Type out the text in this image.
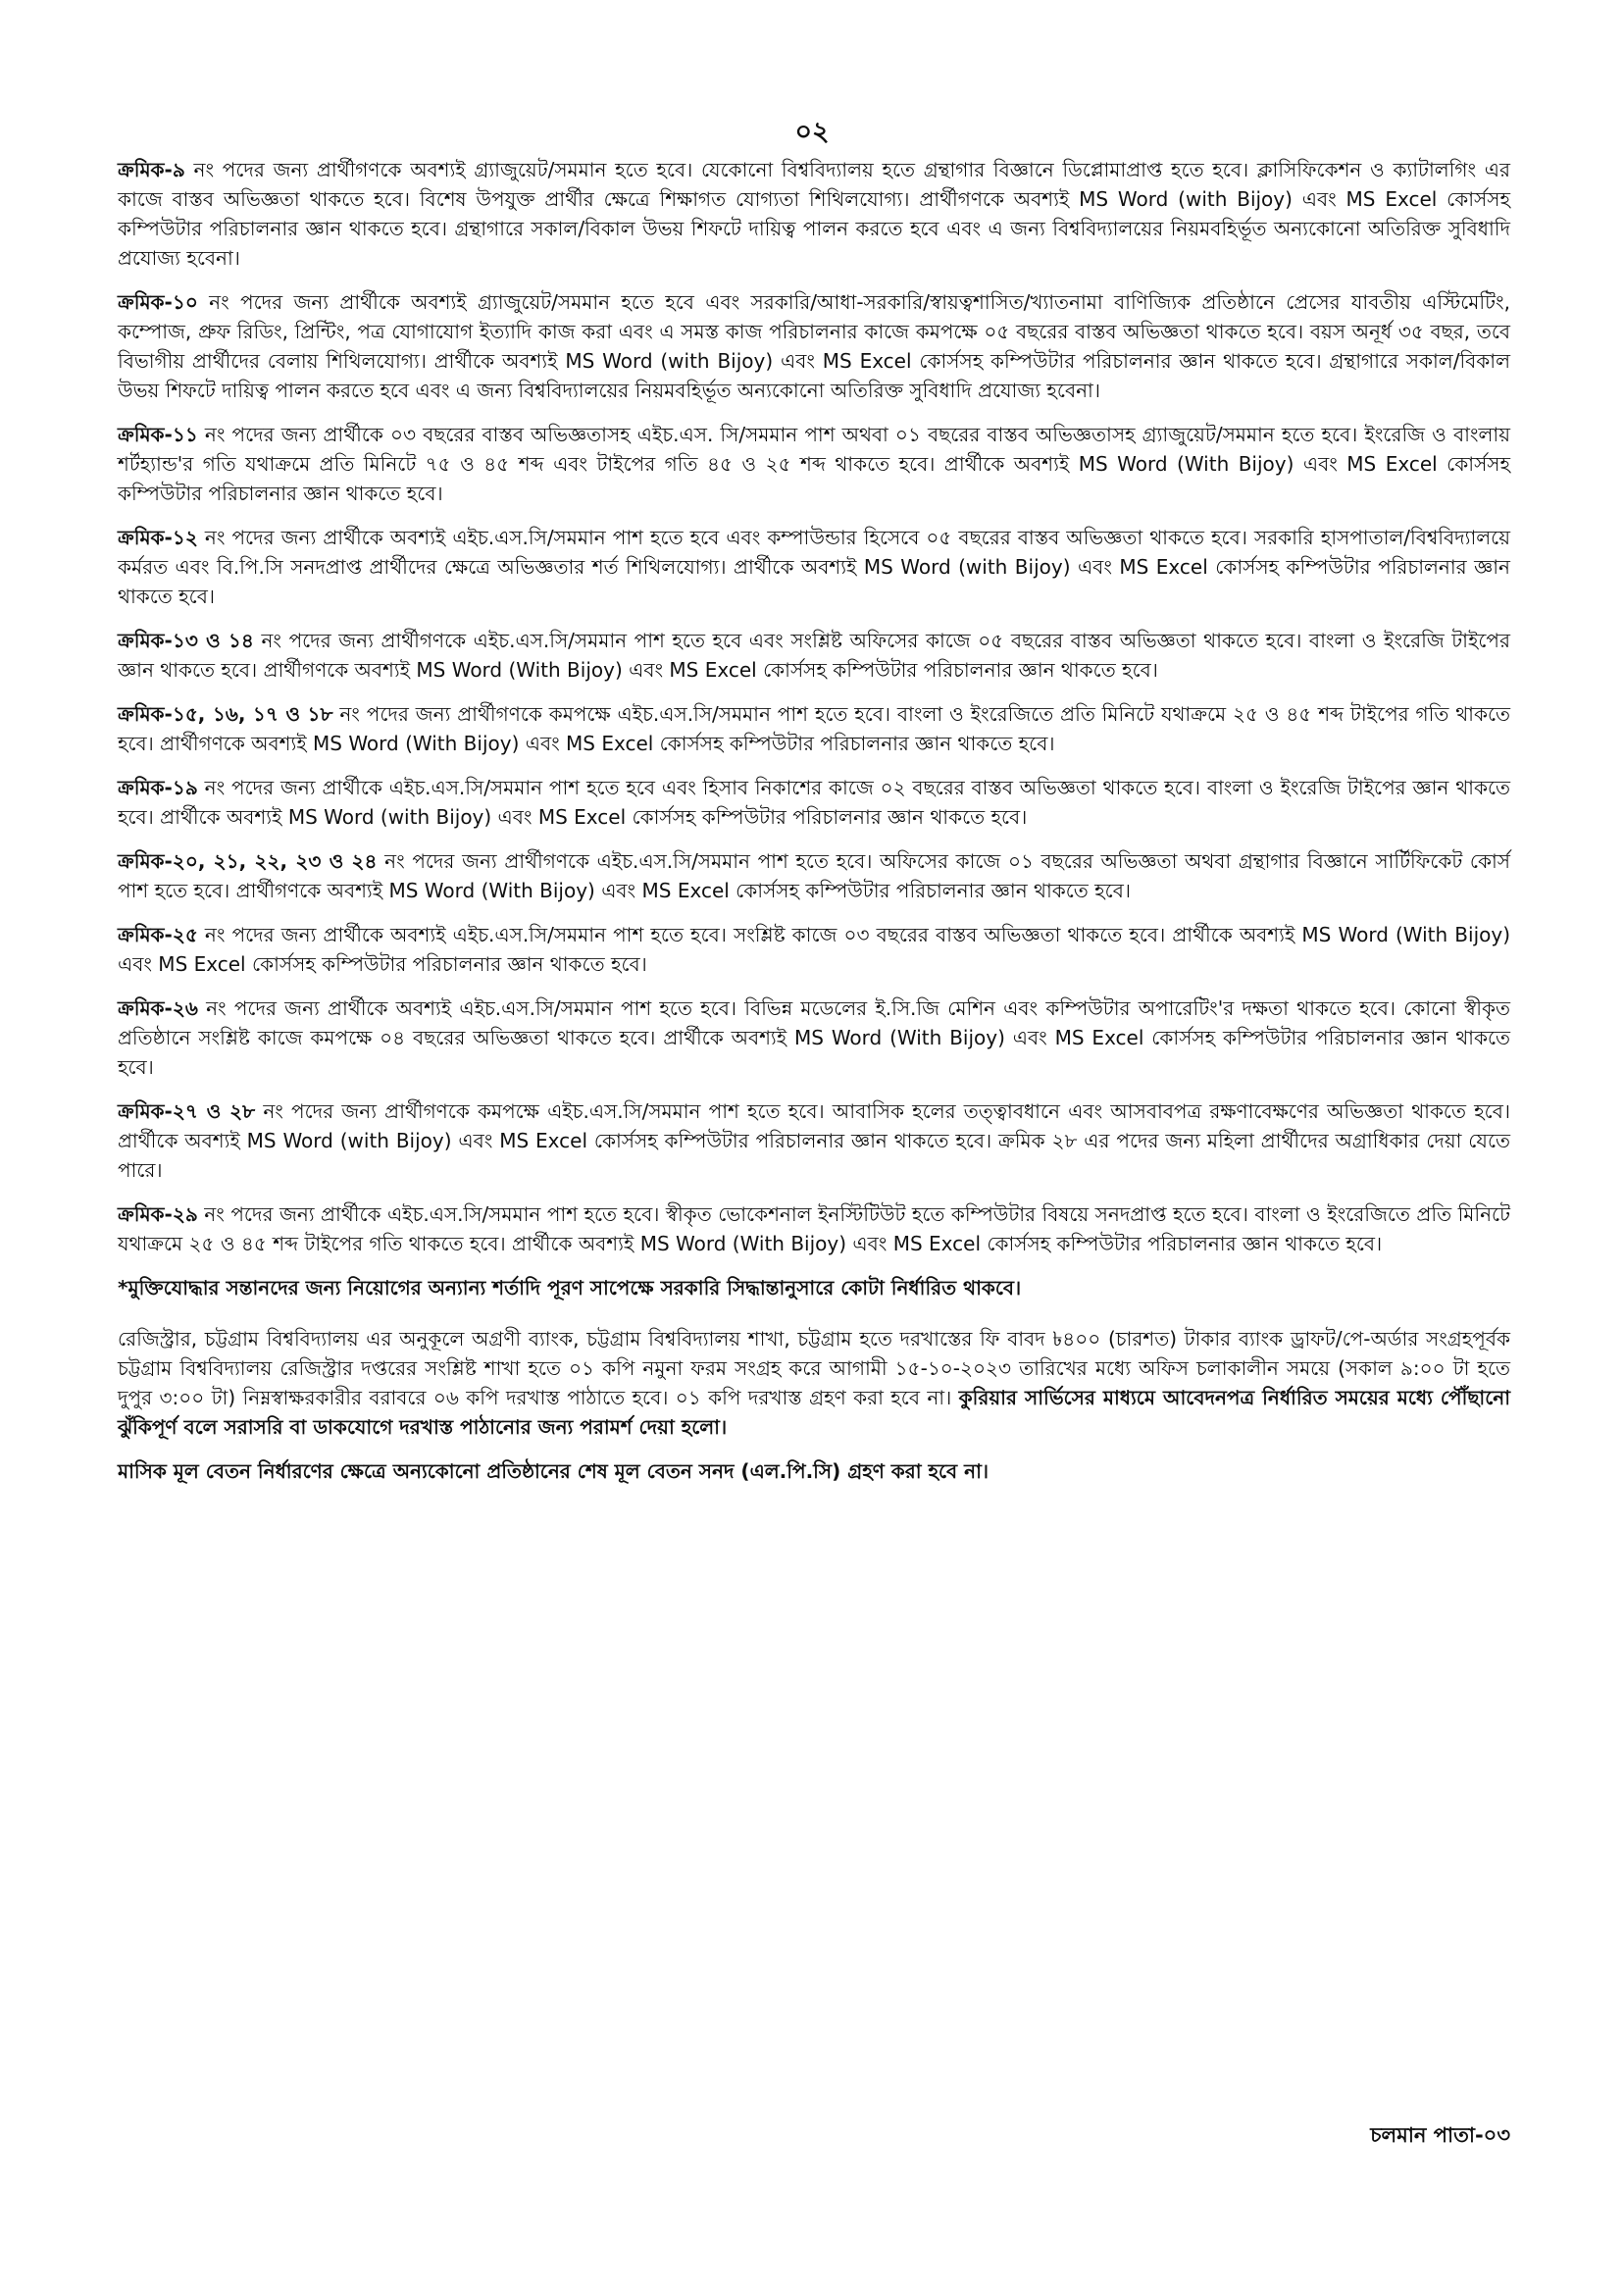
০২

ক্রমিক-৯ নং পদের জন্য প্রার্থীগণকে অবশ্যই গ্র্যাজুয়েট/সমমান হতে হবে। যেকোনো বিশ্ববিদ্যালয় হতে গ্রন্থাগার বিজ্ঞানে ডিপ্লোমাপ্রাপ্ত হতে হবে। ক্লাসিফিকেশন ও ক্যাটালগিং এর কাজে বাস্তব অভিজ্ঞতা থাকতে হবে। বিশেষ উপযুক্ত প্রার্থীর ক্ষেত্রে শিক্ষাগত যোগ্যতা শিথিলযোগ্য। প্রার্থীগণকে অবশ্যই MS Word (with Bijoy) এবং MS Excel কোর্সসহ কম্পিউটার পরিচালনার জ্ঞান থাকতে হবে। গ্রন্থাগারে সকাল/বিকাল উভয় শিফটে দায়িত্ব পালন করতে হবে এবং এ জন্য বিশ্ববিদ্যালয়ের নিয়মবহির্ভূত অন্যকোনো অতিরিক্ত সুবিধাদি প্রযোজ্য হবেনা।

ক্রমিক-১০ নং পদের জন্য প্রার্থীকে অবশ্যই গ্র্যাজুয়েট/সমমান হতে হবে এবং সরকারি/আধা-সরকারি/স্বায়ত্বশাসিত/খ্যাতনামা বাণিজ্যিক প্রতিষ্ঠানে প্রেসের যাবতীয় এস্টিমেটিং, কম্পোজ, প্রুফ রিডিং, প্রিন্টিং, পত্র যোগাযোগ ইত্যাদি কাজ করা এবং এ সমস্ত কাজ পরিচালনার কাজে কমপক্ষে ০৫ বছরের বাস্তব অভিজ্ঞতা থাকতে হবে। বয়স অনূর্ধ ৩৫ বছর, তবে বিভাগীয় প্রার্থীদের বেলায় শিথিলযোগ্য। প্রার্থীকে অবশ্যই MS Word (with Bijoy) এবং MS Excel কোর্সসহ কম্পিউটার পরিচালনার জ্ঞান থাকতে হবে। গ্রন্থাগারে সকাল/বিকাল উভয় শিফটে দায়িত্ব পালন করতে হবে এবং এ জন্য বিশ্ববিদ্যালয়ের নিয়মবহির্ভূত অন্যকোনো অতিরিক্ত সুবিধাদি প্রযোজ্য হবেনা।

ক্রমিক-১১ নং পদের জন্য প্রার্থীকে ০৩ বছরের বাস্তব অভিজ্ঞতাসহ এইচ.এস. সি/সমমান পাশ অথবা ০১ বছরের বাস্তব অভিজ্ঞতাসহ গ্র্যাজুয়েট/সমমান হতে হবে। ইংরেজি ও বাংলায় শর্টহ্যান্ড'র গতি যথাক্রমে প্রতি মিনিটে ৭৫ ও ৪৫ শব্দ এবং টাইপের গতি ৪৫ ও ২৫ শব্দ থাকতে হবে। প্রার্থীকে অবশ্যই MS Word (With Bijoy) এবং MS Excel কোর্সসহ কম্পিউটার পরিচালনার জ্ঞান থাকতে হবে।

ক্রমিক-১২ নং পদের জন্য প্রার্থীকে অবশ্যই এইচ.এস.সি/সমমান পাশ হতে হবে এবং কম্পাউন্ডার হিসেবে ০৫ বছরের বাস্তব অভিজ্ঞতা থাকতে হবে। সরকারি হাসপাতাল/বিশ্ববিদ্যালয়ে কর্মরত এবং বি.পি.সি সনদপ্রাপ্ত প্রার্থীদের ক্ষেত্রে অভিজ্ঞতার শর্ত শিথিলযোগ্য। প্রার্থীকে অবশ্যই MS Word (with Bijoy) এবং MS Excel কোর্সসহ কম্পিউটার পরিচালনার জ্ঞান থাকতে হবে।

ক্রমিক-১৩ ও ১৪ নং পদের জন্য প্রার্থীগণকে এইচ.এস.সি/সমমান পাশ হতে হবে এবং সংশ্লিষ্ট অফিসের কাজে ০৫ বছরের বাস্তব অভিজ্ঞতা থাকতে হবে। বাংলা ও ইংরেজি টাইপের জ্ঞান থাকতে হবে। প্রার্থীগণকে অবশ্যই MS Word (With Bijoy) এবং MS Excel কোর্সসহ কম্পিউটার পরিচালনার জ্ঞান থাকতে হবে।

ক্রমিক-১৫, ১৬, ১৭ ও ১৮ নং পদের জন্য প্রার্থীগণকে কমপক্ষে এইচ.এস.সি/সমমান পাশ হতে হবে। বাংলা ও ইংরেজিতে প্রতি মিনিটে যথাক্রমে ২৫ ও ৪৫ শব্দ টাইপের গতি থাকতে হবে। প্রার্থীগণকে অবশ্যই MS Word (With Bijoy) এবং MS Excel কোর্সসহ কম্পিউটার পরিচালনার জ্ঞান থাকতে হবে।

ক্রমিক-১৯ নং পদের জন্য প্রার্থীকে এইচ.এস.সি/সমমান পাশ হতে হবে এবং হিসাব নিকাশের কাজে ০২ বছরের বাস্তব অভিজ্ঞতা থাকতে হবে। বাংলা ও ইংরেজি টাইপের জ্ঞান থাকতে হবে। প্রার্থীকে অবশ্যই MS Word (with Bijoy) এবং MS Excel কোর্সসহ কম্পিউটার পরিচালনার জ্ঞান থাকতে হবে।

ক্রমিক-২০, ২১, ২২, ২৩ ও ২৪ নং পদের জন্য প্রার্থীগণকে এইচ.এস.সি/সমমান পাশ হতে হবে। অফিসের কাজে ০১ বছরের অভিজ্ঞতা অথবা গ্রন্থাগার বিজ্ঞানে সার্টিফিকেট কোর্স পাশ হতে হবে। প্রার্থীগণকে অবশ্যই MS Word (With Bijoy) এবং MS Excel কোর্সসহ কম্পিউটার পরিচালনার জ্ঞান থাকতে হবে।

ক্রমিক-২৫ নং পদের জন্য প্রার্থীকে অবশ্যই এইচ.এস.সি/সমমান পাশ হতে হবে। সংশ্লিষ্ট কাজে ০৩ বছরের বাস্তব অভিজ্ঞতা থাকতে হবে। প্রার্থীকে অবশ্যই MS Word (With Bijoy) এবং MS Excel কোর্সসহ কম্পিউটার পরিচালনার জ্ঞান থাকতে হবে।

ক্রমিক-২৬ নং পদের জন্য প্রার্থীকে অবশ্যই এইচ.এস.সি/সমমান পাশ হতে হবে। বিভিন্ন মডেলের ই.সি.জি মেশিন এবং কম্পিউটার অপারেটিং'র দক্ষতা থাকতে হবে। কোনো স্বীকৃত প্রতিষ্ঠানে সংশ্লিষ্ট কাজে কমপক্ষে ০৪ বছরের অভিজ্ঞতা থাকতে হবে। প্রার্থীকে অবশ্যই MS Word (With Bijoy) এবং MS Excel কোর্সসহ কম্পিউটার পরিচালনার জ্ঞান থাকতে হবে।

ক্রমিক-২৭ ও ২৮ নং পদের জন্য প্রার্থীগণকে কমপক্ষে এইচ.এস.সি/সমমান পাশ হতে হবে। আবাসিক হলের তত্ত্বাবধানে এবং আসবাবপত্র রক্ষণাবেক্ষণের অভিজ্ঞতা থাকতে হবে। প্রার্থীকে অবশ্যই MS Word (with Bijoy) এবং MS Excel কোর্সসহ কম্পিউটার পরিচালনার জ্ঞান থাকতে হবে। ক্রমিক ২৮ এর পদের জন্য মহিলা প্রার্থীদের অগ্রাধিকার দেয়া যেতে পারে।

ক্রমিক-২৯ নং পদের জন্য প্রার্থীকে এইচ.এস.সি/সমমান পাশ হতে হবে। স্বীকৃত ভোকেশনাল ইনস্টিটিউট হতে কম্পিউটার বিষয়ে সনদপ্রাপ্ত হতে হবে। বাংলা ও ইংরেজিতে প্রতি মিনিটে যথাক্রমে ২৫ ও ৪৫ শব্দ টাইপের গতি থাকতে হবে। প্রার্থীকে অবশ্যই MS Word (With Bijoy) এবং MS Excel কোর্সসহ কম্পিউটার পরিচালনার জ্ঞান থাকতে হবে।

*মুক্তিযোদ্ধার সন্তানদের জন্য নিয়োগের অন্যান্য শর্তাদি পূরণ সাপেক্ষে সরকারি সিদ্ধান্তানুসারে কোটা নির্ধারিত থাকবে।

রেজিস্ট্রার, চট্টগ্রাম বিশ্ববিদ্যালয় এর অনুকূলে অগ্রণী ব্যাংক, চট্টগ্রাম বিশ্ববিদ্যালয় শাখা, চট্টগ্রাম হতে দরখাস্তের ফি বাবদ ৳৪০০ (চারশত) টাকার ব্যাংক ড্রাফট/পে-অর্ডার সংগ্রহপূর্বক চট্টগ্রাম বিশ্ববিদ্যালয় রেজিস্ট্রার দপ্তরের সংশ্লিষ্ট শাখা হতে ০১ কপি নমুনা ফরম সংগ্রহ করে আগামী ১৫-১০-২০২৩ তারিখের মধ্যে অফিস চলাকালীন সময়ে (সকাল ৯:০০ টা হতে দুপুর ৩:০০ টা) নিম্নস্বাক্ষরকারীর বরাবরে ০৬ কপি দরখাস্ত পাঠাতে হবে। ০১ কপি দরখাস্ত গ্রহণ করা হবে না। কুরিয়ার সার্ভিসের মাধ্যমে আবেদনপত্র নির্ধারিত সময়ের মধ্যে পৌঁছানো ঝুঁকিপূর্ণ বলে সরাসরি বা ডাকযোগে দরখাস্ত পাঠানোর জন্য পরামর্শ দেয়া হলো।

মাসিক মূল বেতন নির্ধারণের ক্ষেত্রে অন্যকোনো প্রতিষ্ঠানের শেষ মূল বেতন সনদ (এল.পি.সি) গ্রহণ করা হবে না।

চলমান পাতা-০৩
